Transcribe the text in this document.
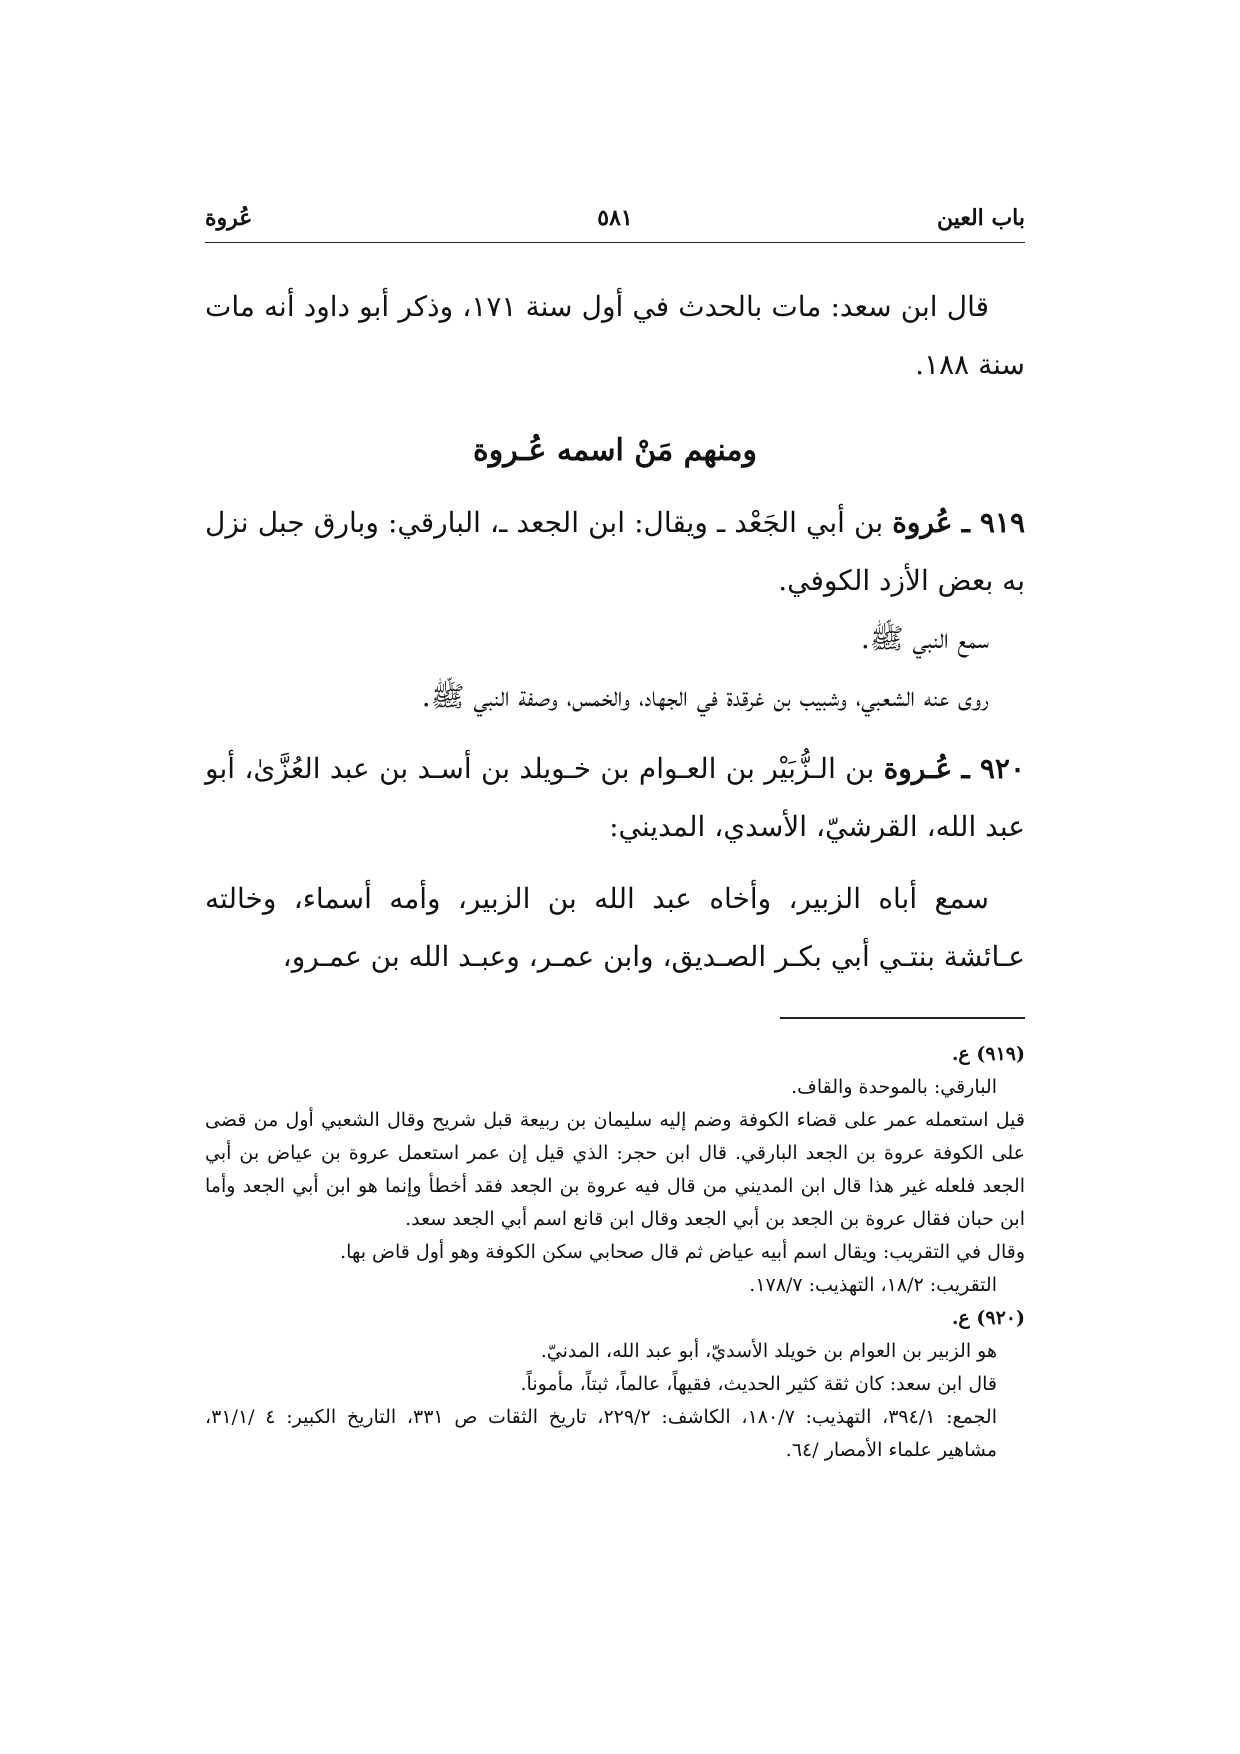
باب العين
٥٨١
عُروة

قال ابن سعد: مات بالحدث في أول سنة ١٧١، وذكر أبو داود أنه مات سنة ١٨٨.

ومنهم مَنْ اسمه عُـروة

٩١٩ ـ عُروة بن أبي الجَعْد ـ ويقال: ابن الجعد ـ، البارقي: وبارق جبل نزل به بعض الأزد الكوفي.

سمع النبي ﷺ.

روى عنه الشعبي، وشبيب بن غرقدة في الجهاد، والخمس، وصفة النبي ﷺ.

٩٢٠ ـ عُـروة بن الـزُّبَيْر بن العـوام بن خـويلد بن أسـد بن عبد العُزَّىٰ، أبو عبد الله، القرشيّ، الأسدي، المديني:

سمع أباه الزبير، وأخاه عبد الله بن الزبير، وأمه أسماء، وخالته عـائشة بنتـي أبي بكـر الصـديق، وابن عمـر، وعبـد الله بن عمـرو،

(٩١٩) ع.

البارقي: بالموحدة والقاف.

قيل استعمله عمر على قضاء الكوفة وضم إليه سليمان بن ربيعة قبل شريح وقال الشعبي أول من قضى على الكوفة عروة بن الجعد البارقي. قال ابن حجر: الذي قيل إن عمر استعمل عروة بن عياض بن أبي الجعد فلعله غير هذا قال ابن المديني من قال فيه عروة بن الجعد فقد أخطأ وإنما هو ابن أبي الجعد وأما ابن حبان فقال عروة بن الجعد بن أبي الجعد وقال ابن قانع اسم أبي الجعد سعد.

وقال في التقريب: ويقال اسم أبيه عياض ثم قال صحابي سكن الكوفة وهو أول قاض بها.

التقريب: ١٨/٢، التهذيب: ١٧٨/٧.

(٩٢٠) ع.

هو الزبير بن العوام بن خويلد الأسديّ، أبو عبد الله، المدنيّ.

قال ابن سعد: كان ثقة كثير الحديث، فقيهاً، عالماً، ثبتاً، مأموناً.

الجمع: ٣٩٤/١، التهذيب: ١٨٠/٧، الكاشف: ٢٢٩/٢، تاريخ الثقات ص ٣٣١، التاريخ الكبير: ٤ /٣١/١، مشاهير علماء الأمصار /٦٤.
